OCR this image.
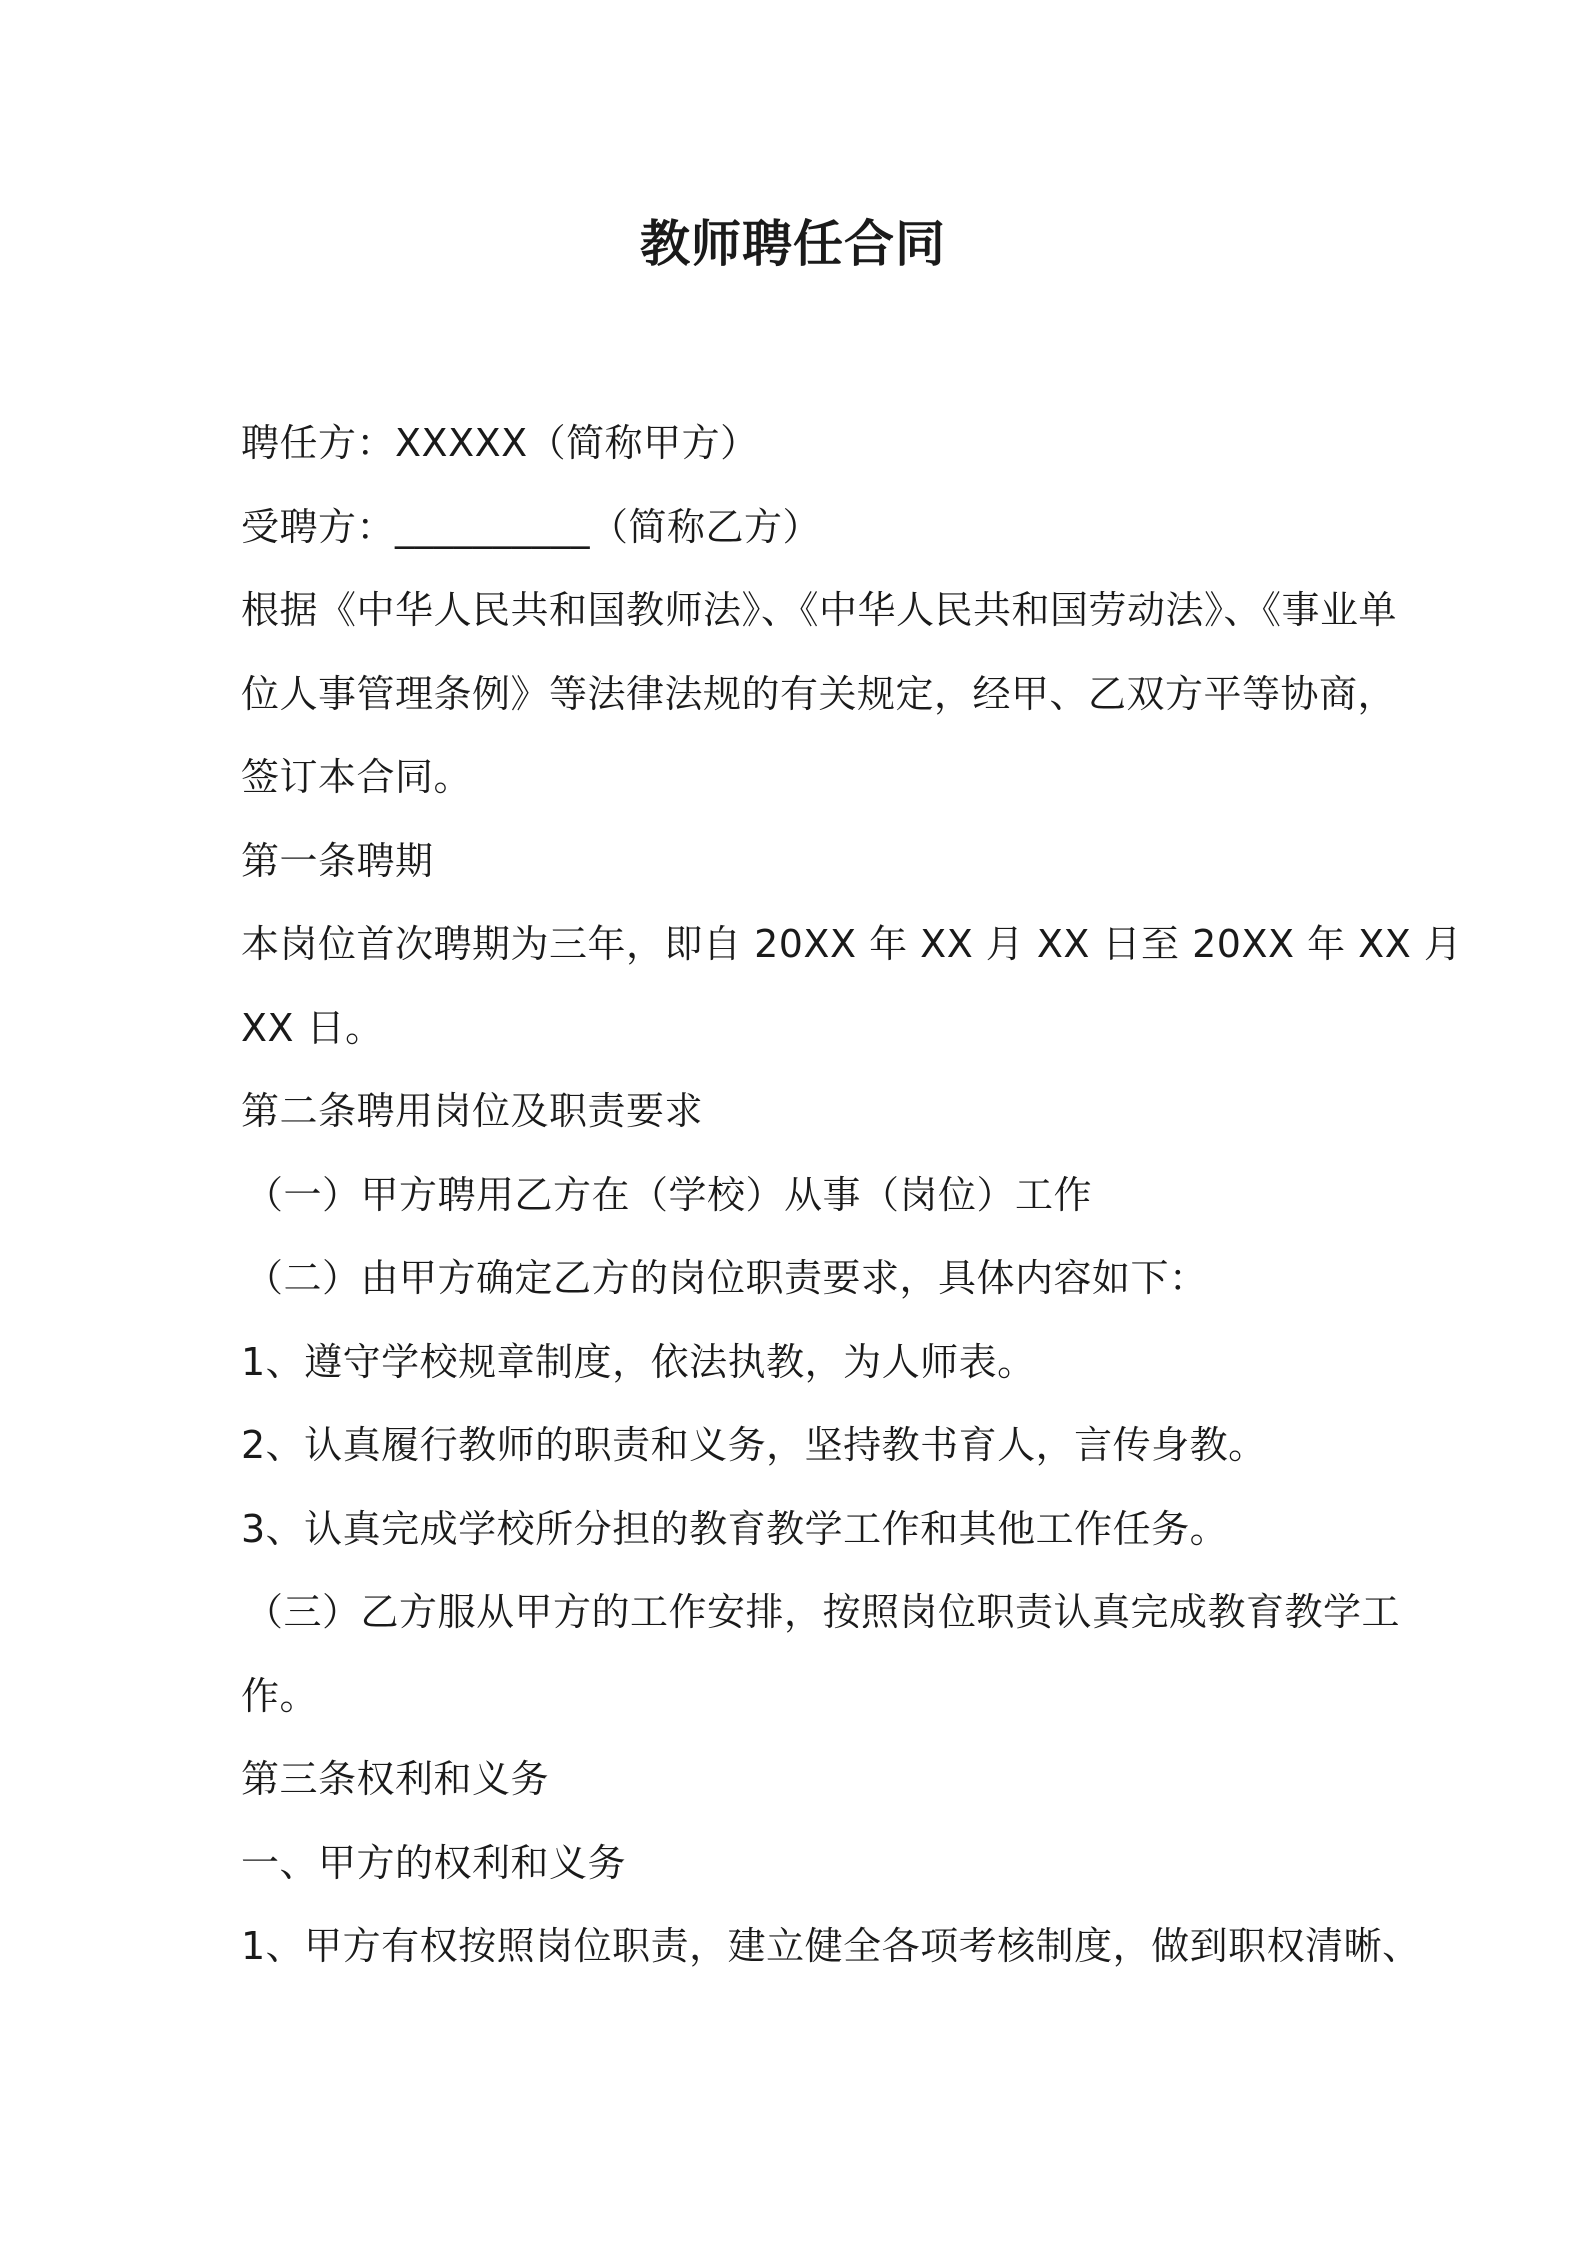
教师聘任合同
聘任方：XXXXX（简称甲方）
受聘方：__________（简称乙方）
根据《中华人民共和国教师法》、《中华人民共和国劳动法》、《事业单
位人事管理条例》等法律法规的有关规定，经甲、乙双方平等协商，
签订本合同。
第一条聘期
本岗位首次聘期为三年，即自 20XX 年 XX 月 XX 日至 20XX 年 XX 月
XX 日。
第二条聘用岗位及职责要求
（一）甲方聘用乙方在（学校）从事（岗位）工作
（二）由甲方确定乙方的岗位职责要求，具体内容如下：
1、遵守学校规章制度，依法执教，为人师表。
2、认真履行教师的职责和义务，坚持教书育人，言传身教。
3、认真完成学校所分担的教育教学工作和其他工作任务。
（三）乙方服从甲方的工作安排，按照岗位职责认真完成教育教学工
作。
第三条权利和义务
一、甲方的权利和义务
1、甲方有权按照岗位职责，建立健全各项考核制度，做到职权清晰、
